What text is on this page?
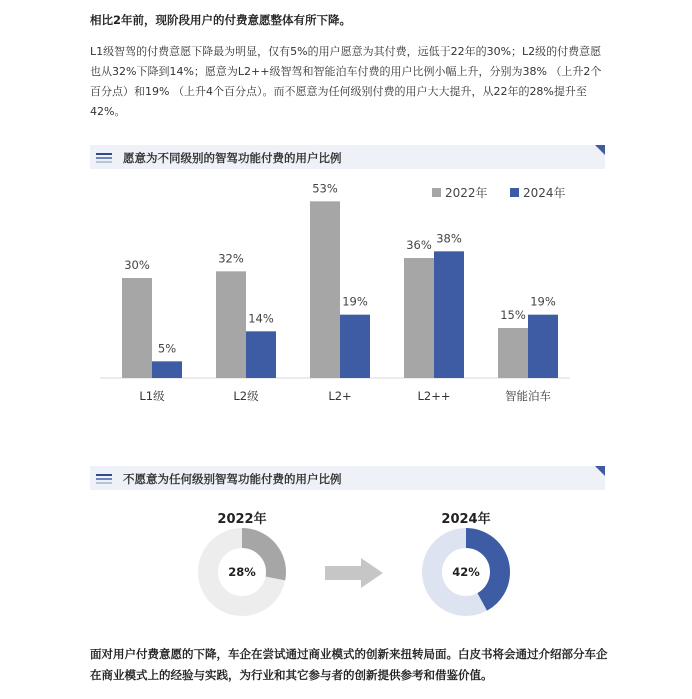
相比2年前，现阶段用户的付费意愿整体有所下降。
L1级智驾的付费意愿下降最为明显，仅有5%的用户愿意为其付费，远低于22年的30%；L2级的付费意愿也从32%下降到14%；愿意为L2++级智驾和智能泊车付费的用户比例小幅上升，分别为38% （上升2个百分点）和19% （上升4个百分点）。而不愿意为任何级别付费的用户大大提升，从22年的28%提升至42%。
愿意为不同级别的智驾功能付费的用户比例
2022年	2024年
30%
5%
L1级
32%
14%
L2级
53%
19%
L2+
36% 38%
L2++
15%
19%
智能泊车
不愿意为任何级别智驾功能付费的用户比例
2022年
28%
2024年
42%
面对用户付费意愿的下降，车企在尝试通过商业模式的创新来扭转局面。白皮书将会通过介绍部分车企在商业模式上的经验与实践，为行业和其它参与者的创新提供参考和借鉴价值。
